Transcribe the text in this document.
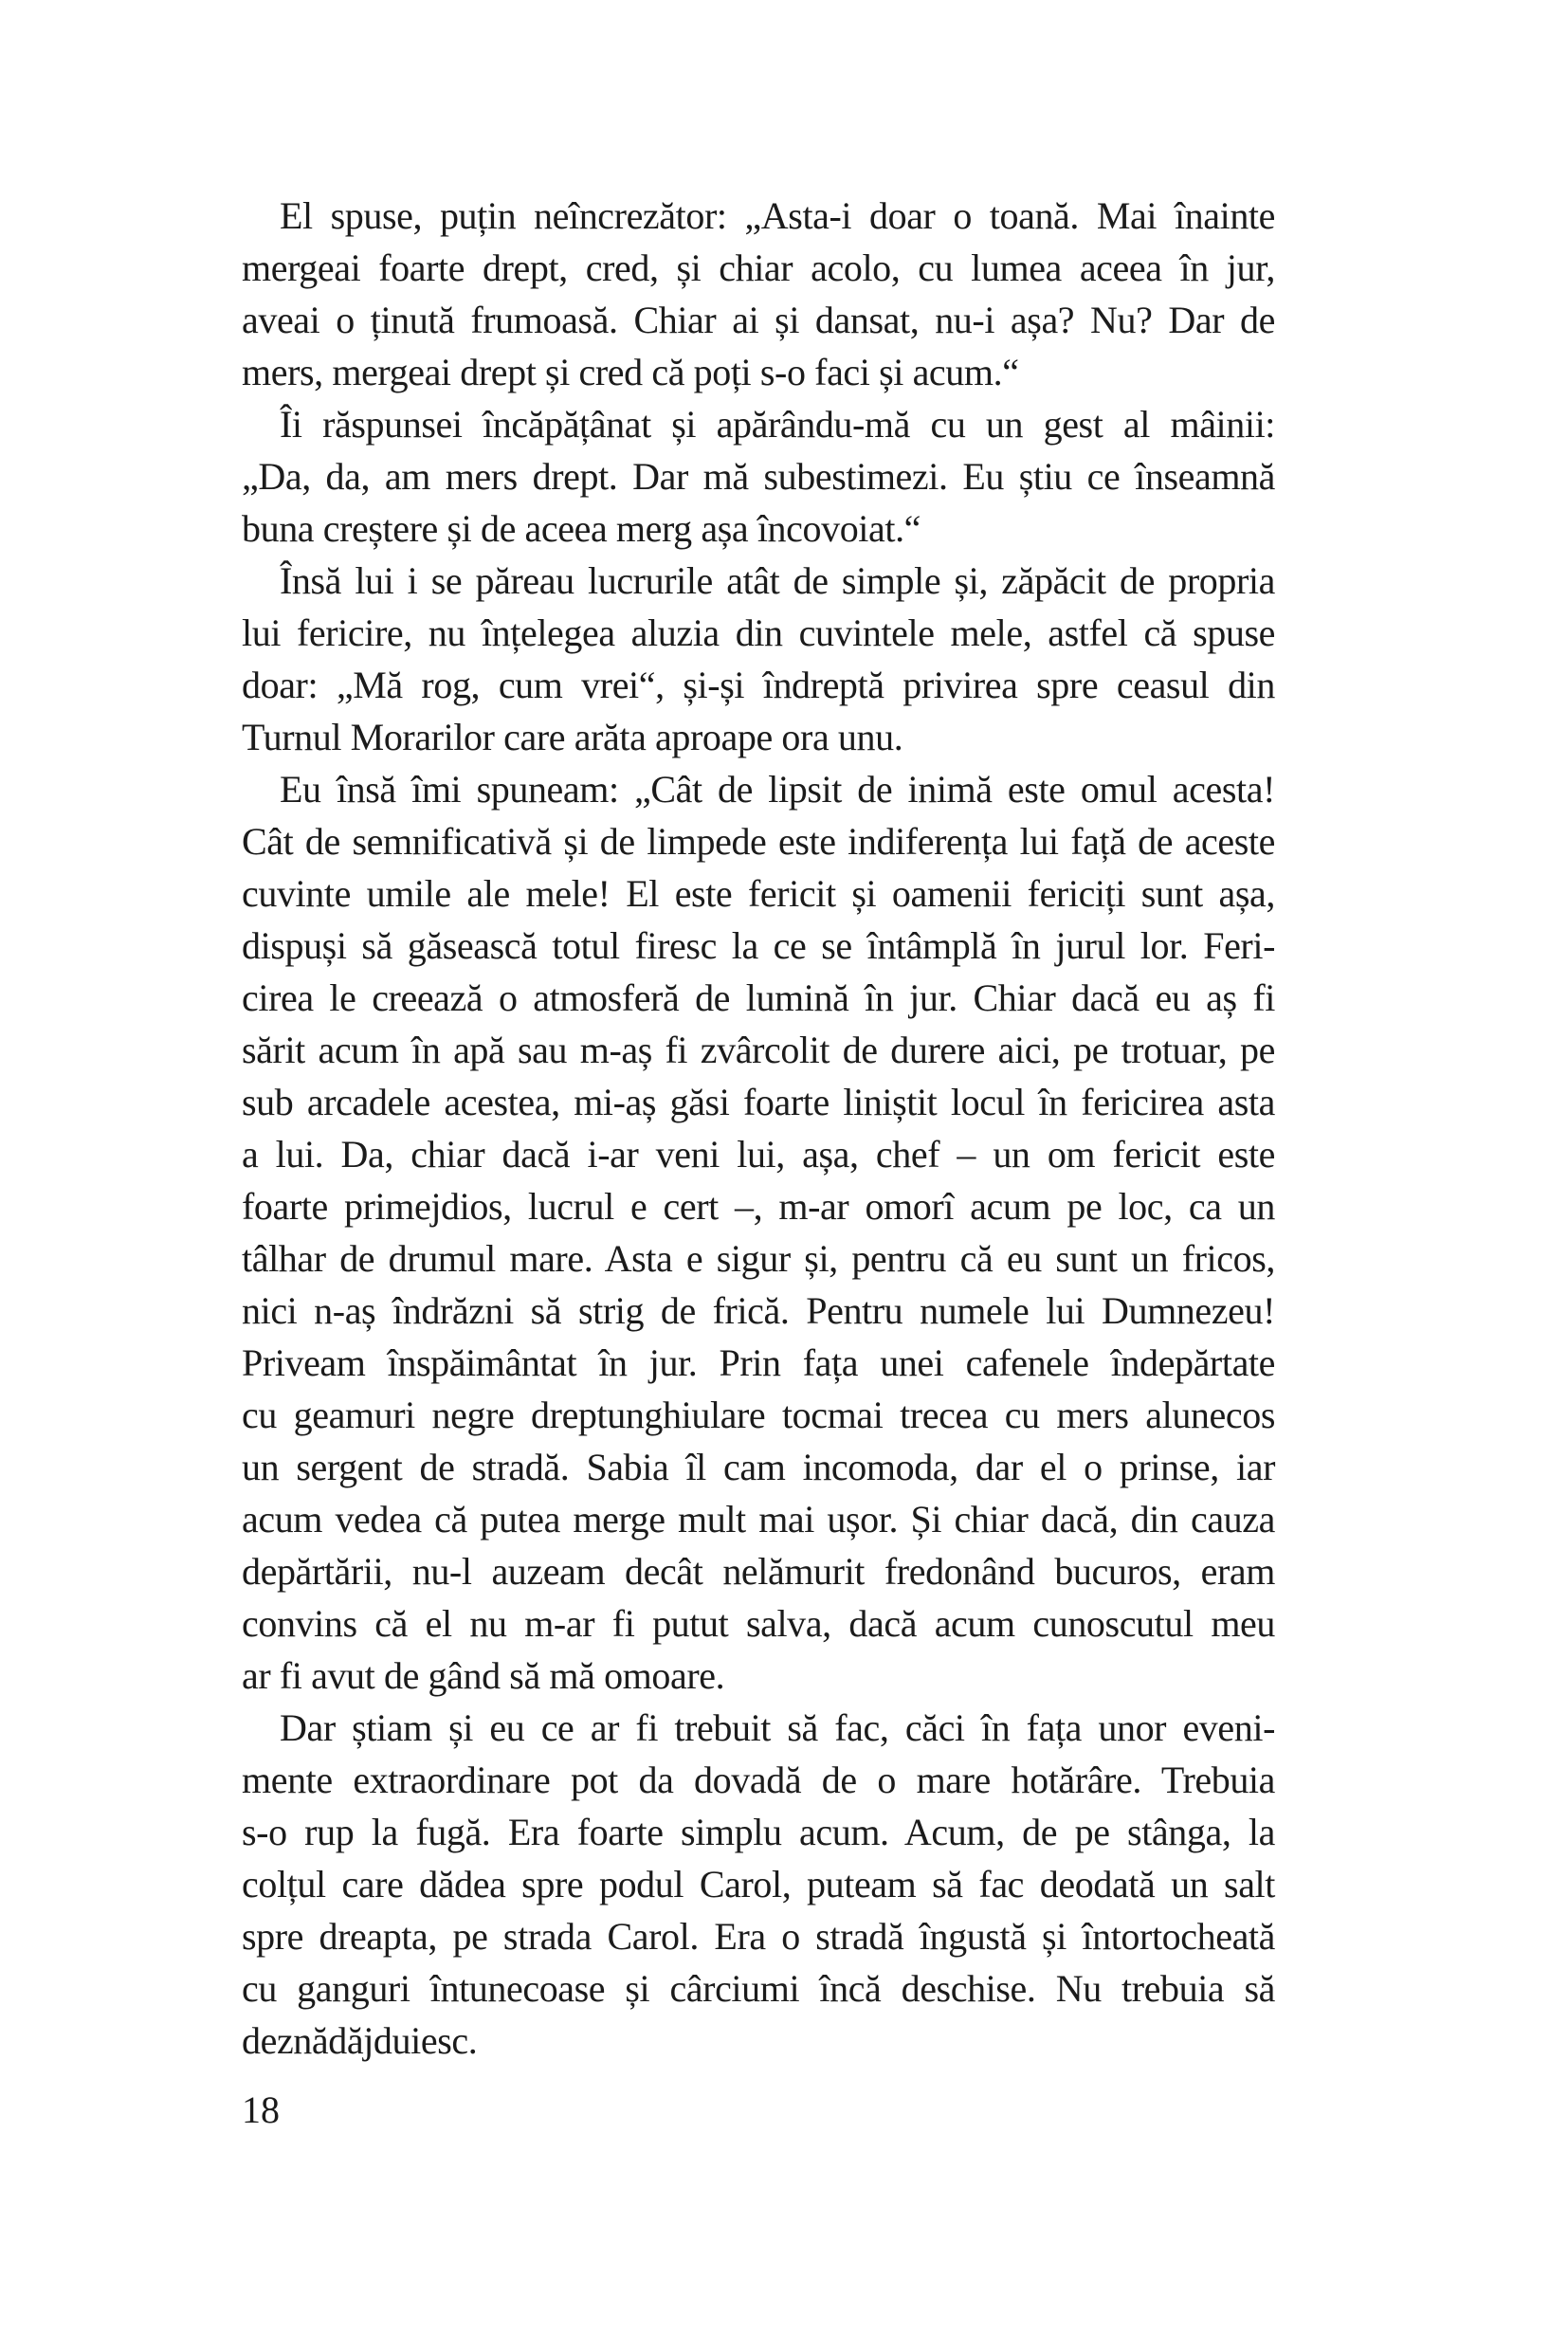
El spuse, puțin neîncrezător: „Asta-i doar o toană. Mai înainte
mergeai foarte drept, cred, și chiar acolo, cu lumea aceea în jur,
aveai o ținută frumoasă. Chiar ai și dansat, nu-i așa? Nu? Dar de
mers, mergeai drept și cred că poți s-o faci și acum.“
Îi răspunsei încăpățânat și apărându-mă cu un gest al mâinii:
„Da, da, am mers drept. Dar mă subestimezi. Eu știu ce înseamnă
buna creștere și de aceea merg așa încovoiat.“
Însă lui i se păreau lucrurile atât de simple și, zăpăcit de propria
lui fericire, nu înțelegea aluzia din cuvintele mele, astfel că spuse
doar: „Mă rog, cum vrei“, și-și îndreptă privirea spre ceasul din
Turnul Morarilor care arăta aproape ora unu.
Eu însă îmi spuneam: „Cât de lipsit de inimă este omul acesta!
Cât de semnificativă și de limpede este indiferența lui față de aceste
cuvinte umile ale mele! El este fericit și oamenii fericiți sunt așa,
dispuși să găsească totul firesc la ce se întâmplă în jurul lor. Feri-
cirea le creează o atmosferă de lumină în jur. Chiar dacă eu aș fi
sărit acum în apă sau m-aș fi zvârcolit de durere aici, pe trotuar, pe
sub arcadele acestea, mi-aș găsi foarte liniștit locul în fericirea asta
a lui. Da, chiar dacă i-ar veni lui, așa, chef – un om fericit este
foarte primejdios, lucrul e cert –, m-ar omorî acum pe loc, ca un
tâlhar de drumul mare. Asta e sigur și, pentru că eu sunt un fricos,
nici n-aș îndrăzni să strig de frică. Pentru numele lui Dumnezeu!
Priveam înspăimântat în jur. Prin fața unei cafenele îndepărtate
cu geamuri negre dreptunghiulare tocmai trecea cu mers alunecos
un sergent de stradă. Sabia îl cam incomoda, dar el o prinse, iar
acum vedea că putea merge mult mai ușor. Și chiar dacă, din cauza
depărtării, nu-l auzeam decât nelămurit fredonând bucuros, eram
convins că el nu m-ar fi putut salva, dacă acum cunoscutul meu
ar fi avut de gând să mă omoare.
Dar știam și eu ce ar fi trebuit să fac, căci în fața unor eveni-
mente extraordinare pot da dovadă de o mare hotărâre. Trebuia
s-o rup la fugă. Era foarte simplu acum. Acum, de pe stânga, la
colțul care dădea spre podul Carol, puteam să fac deodată un salt
spre dreapta, pe strada Carol. Era o stradă îngustă și întortocheată
cu ganguri întunecoase și cârciumi încă deschise. Nu trebuia să
deznădăjduiesc.
18
